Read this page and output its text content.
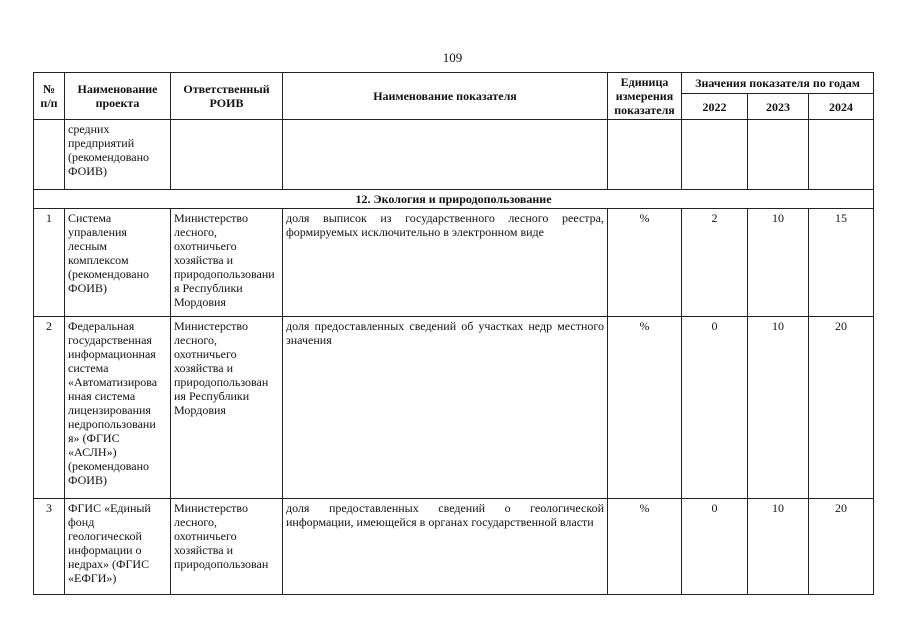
109
№ п/п	Наименование проекта	Ответственный РОИВ	Наименование показателя	Единица измерения показателя	Значения показателя по годам		
					2022	2023	2024
	средних предприятий (рекомендовано ФОИВ)						
12. Экология и природопользование							
1	Система управления лесным комплексом (рекомендовано ФОИВ)	Министерство лесного, охотничьего хозяйства и природопользовани я Республики Мордовия	доля выписок из государственного лесного реестра, формируемых исключительно в электронном виде	%	2	10	15
2	Федеральная государственная информационная система «Автоматизирова нная система лицензирования недропользовани я» (ФГИС «АСЛН») (рекомендовано ФОИВ)	Министерство лесного, охотничьего хозяйства и природопользован ия Республики Мордовия	доля предоставленных сведений об участках недр местного значения	%	0	10	20
3	ФГИС «Единый фонд геологической информации о недрах» (ФГИС «ЕФГИ»)	Министерство лесного, охотничьего хозяйства и природопользован	доля предоставленных сведений о геологической информации, имеющейся в органах государственной власти	%	0	10	20
